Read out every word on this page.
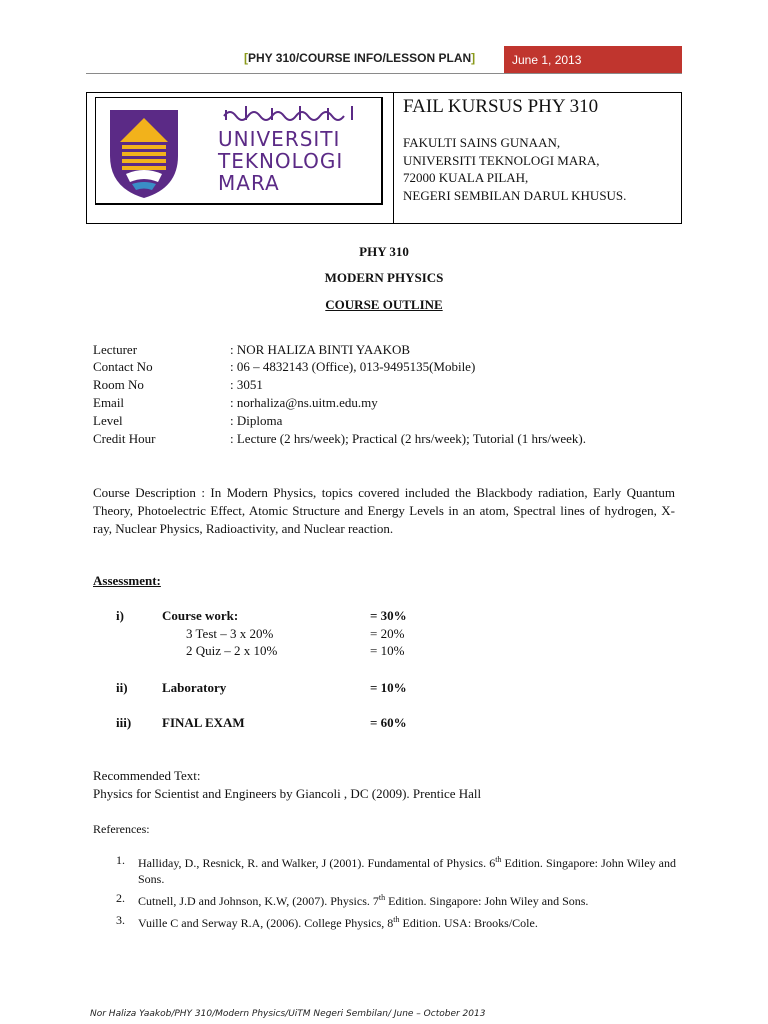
[PHY 310/COURSE INFO/LESSON PLAN]	June 1, 2013
UNIVERSITI
TEKNOLOGI
MARA
FAIL KURSUS PHY 310
FAKULTI SAINS GUNAAN,
UNIVERSITI TEKNOLOGI MARA,
72000 KUALA PILAH,
NEGERI SEMBILAN DARUL KHUSUS.
PHY 310
MODERN PHYSICS
COURSE OUTLINE
Lecturer	: NOR HALIZA BINTI YAAKOB
Contact No	: 06 – 4832143 (Office), 013-9495135(Mobile)
Room No	: 3051
Email	: norhaliza@ns.uitm.edu.my
Level	: Diploma
Credit Hour	: Lecture (2 hrs/week); Practical (2 hrs/week); Tutorial (1 hrs/week).
Course Description : In Modern Physics, topics covered included the Blackbody radiation, Early Quantum Theory, Photoelectric Effect, Atomic Structure and Energy Levels in an atom, Spectral lines of hydrogen, X-ray, Nuclear Physics, Radioactivity, and Nuclear reaction.
Assessment:
i)	Course work:	= 30%
3 Test – 3 x 20%	= 20%
2 Quiz – 2 x 10%	= 10%
ii)	Laboratory	= 10%
iii) FINAL EXAM	= 60%
Recommended Text:
Physics for Scientist and Engineers by Giancoli , DC (2009). Prentice Hall
References:
1. Halliday, D., Resnick, R. and Walker, J (2001). Fundamental of Physics. 6th Edition. Singapore: John Wiley and Sons.
2. Cutnell, J.D and Johnson, K.W, (2007). Physics. 7th Edition. Singapore: John Wiley and Sons.
3. Vuille C and Serway R.A, (2006). College Physics, 8th Edition. USA: Brooks/Cole.
Nor Haliza Yaakob/PHY 310/Modern Physics/UiTM Negeri Sembilan/ June – October 2013
